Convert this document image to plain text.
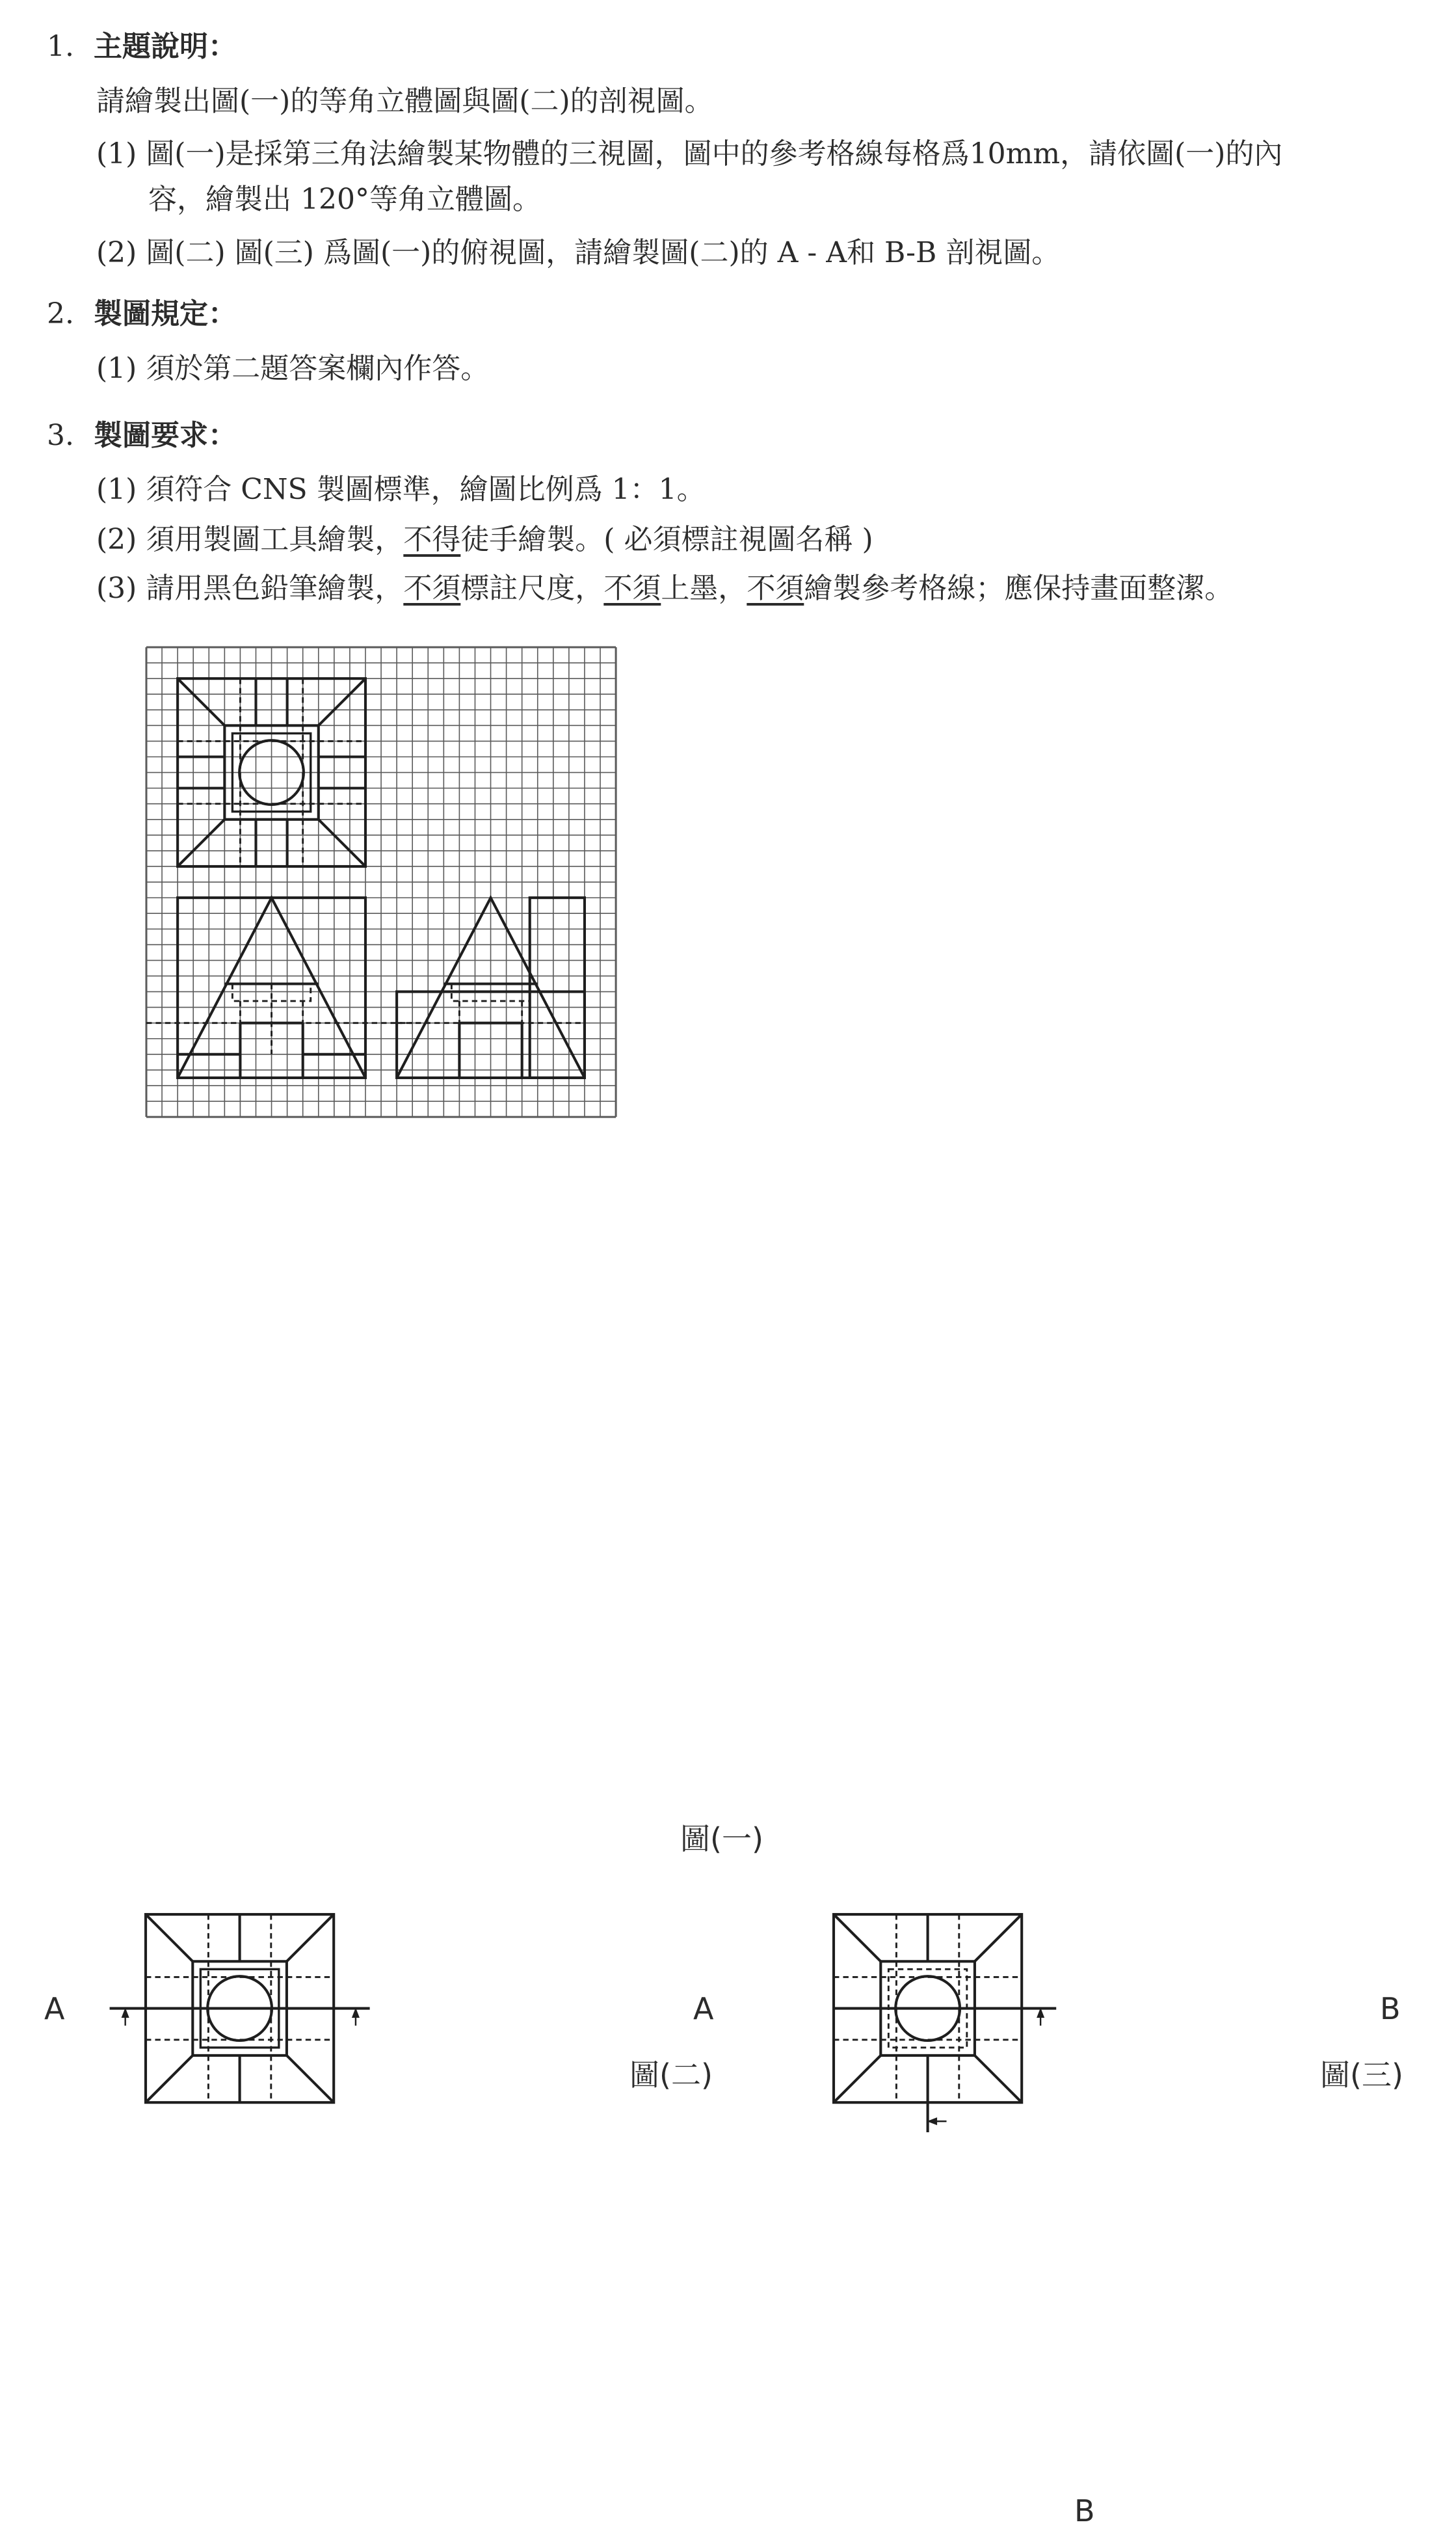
1. 主題說明：
請繪製出圖(一)的等角立體圖與圖(二)的剖視圖。
(1) 圖(一)是採第三角法繪製某物體的三視圖，圖中的參考格線每格爲10mm，請依圖(一)的內
容，繪製出 120°等角立體圖。
(2) 圖(二) 圖(三) 爲圖(一)的俯視圖，請繪製圖(二)的 A - A和 B-B 剖視圖。
2. 製圖規定：
(1) 須於第二題答案欄內作答。
3. 製圖要求：
(1) 須符合 CNS 製圖標準，繪圖比例爲 1：1。
(2) 須用製圖工具繪製，不得徒手繪製。( 必須標註視圖名稱 )
(3) 請用黑色鉛筆繪製，不須標註尺度，不須上墨，不須繪製參考格線；應保持畫面整潔。
圖(一)
圖(二)	圖(三)
A	A	B
B
